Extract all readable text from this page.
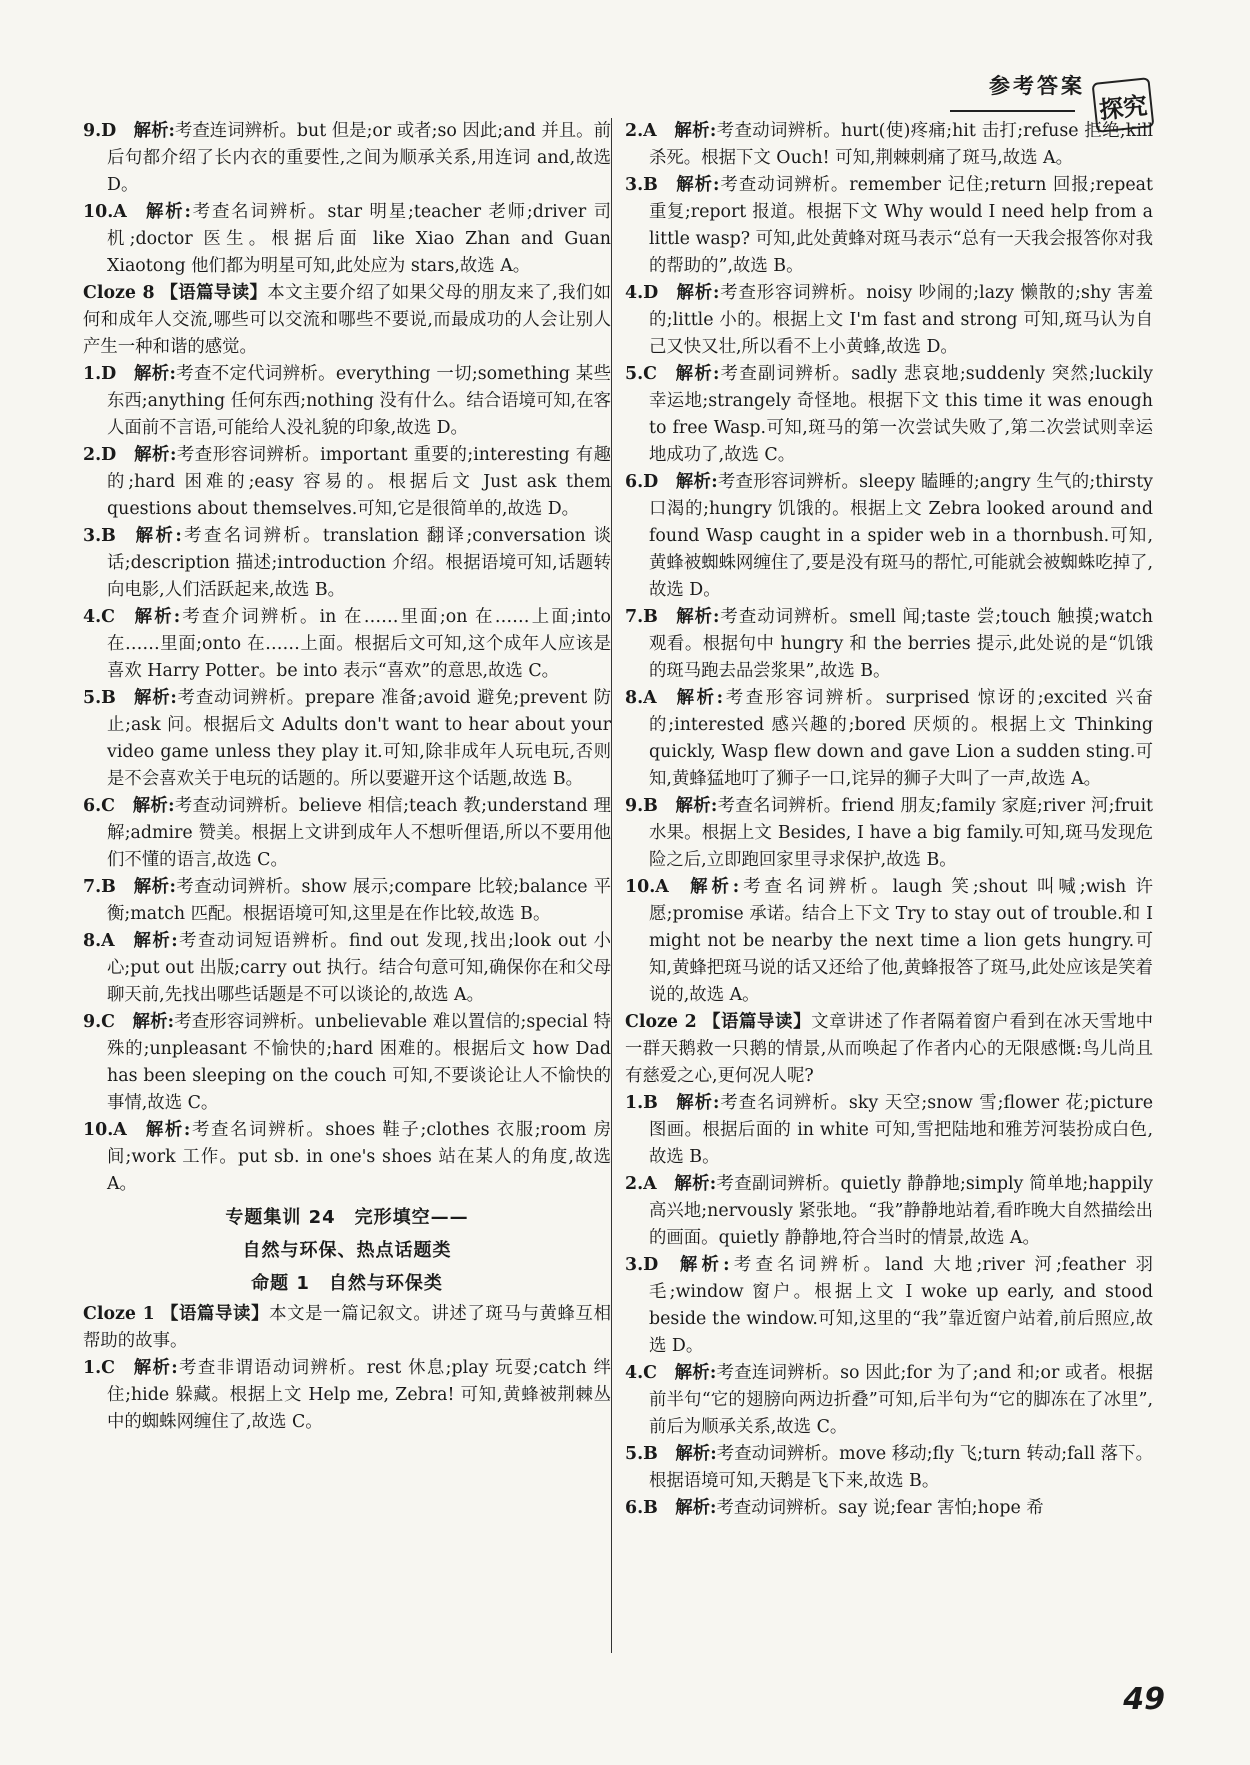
参考答案
探究

9.D  解析:考查连词辨析。but 但是;or 或者;so 因此;and 并且。前后句都介绍了长内衣的重要性,之间为顺承关系,用连词 and,故选 D。

10.A  解析:考查名词辨析。star 明星;teacher 老师;driver 司机;doctor 医生。根据后面 like Xiao Zhan and Guan Xiaotong 他们都为明星可知,此处应为 stars,故选 A。

Cloze 8 【语篇导读】本文主要介绍了如果父母的朋友来了,我们如何和成年人交流,哪些可以交流和哪些不要说,而最成功的人会让别人产生一种和谐的感觉。

1.D  解析:考查不定代词辨析。everything 一切;something 某些东西;anything 任何东西;nothing 没有什么。结合语境可知,在客人面前不言语,可能给人没礼貌的印象,故选 D。

2.D  解析:考查形容词辨析。important 重要的;interesting 有趣的;hard 困难的;easy 容易的。根据后文 Just ask them questions about themselves.可知,它是很简单的,故选 D。

3.B  解析:考查名词辨析。translation 翻译;conversation 谈话;description 描述;introduction 介绍。根据语境可知,话题转向电影,人们活跃起来,故选 B。

4.C  解析:考查介词辨析。in 在……里面;on 在……上面;into 在……里面;onto 在……上面。根据后文可知,这个成年人应该是喜欢 Harry Potter。be into 表示“喜欢”的意思,故选 C。

5.B  解析:考查动词辨析。prepare 准备;avoid 避免;prevent 防止;ask 问。根据后文 Adults don't want to hear about your video game unless they play it.可知,除非成年人玩电玩,否则是不会喜欢关于电玩的话题的。所以要避开这个话题,故选 B。

6.C  解析:考查动词辨析。believe 相信;teach 教;understand 理解;admire 赞美。根据上文讲到成年人不想听俚语,所以不要用他们不懂的语言,故选 C。

7.B  解析:考查动词辨析。show 展示;compare 比较;balance 平衡;match 匹配。根据语境可知,这里是在作比较,故选 B。

8.A  解析:考查动词短语辨析。find out 发现,找出;look out 小心;put out 出版;carry out 执行。结合句意可知,确保你在和父母聊天前,先找出哪些话题是不可以谈论的,故选 A。

9.C  解析:考查形容词辨析。unbelievable 难以置信的;special 特殊的;unpleasant 不愉快的;hard 困难的。根据后文 how Dad has been sleeping on the couch 可知,不要谈论让人不愉快的事情,故选 C。

10.A  解析:考查名词辨析。shoes 鞋子;clothes 衣服;room 房间;work 工作。put sb. in one's shoes 站在某人的角度,故选 A。

专题集训 24　完形填空——
自然与环保、热点话题类
命题 1　自然与环保类

Cloze 1 【语篇导读】本文是一篇记叙文。讲述了斑马与黄蜂互相帮助的故事。

1.C  解析:考查非谓语动词辨析。rest 休息;play 玩耍;catch 绊住;hide 躲藏。根据上文 Help me, Zebra! 可知,黄蜂被荆棘丛中的蜘蛛网缠住了,故选 C。

2.A  解析:考查动词辨析。hurt(使)疼痛;hit 击打;refuse 拒绝;kill 杀死。根据下文 Ouch! 可知,荆棘刺痛了斑马,故选 A。

3.B  解析:考查动词辨析。remember 记住;return 回报;repeat 重复;report 报道。根据下文 Why would I need help from a little wasp? 可知,此处黄蜂对斑马表示“总有一天我会报答你对我的帮助的”,故选 B。

4.D  解析:考查形容词辨析。noisy 吵闹的;lazy 懒散的;shy 害羞的;little 小的。根据上文 I'm fast and strong 可知,斑马认为自己又快又壮,所以看不上小黄蜂,故选 D。

5.C  解析:考查副词辨析。sadly 悲哀地;suddenly 突然;luckily 幸运地;strangely 奇怪地。根据下文 this time it was enough to free Wasp.可知,斑马的第一次尝试失败了,第二次尝试则幸运地成功了,故选 C。

6.D  解析:考查形容词辨析。sleepy 瞌睡的;angry 生气的;thirsty 口渴的;hungry 饥饿的。根据上文 Zebra looked around and found Wasp caught in a spider web in a thornbush.可知,黄蜂被蜘蛛网缠住了,要是没有斑马的帮忙,可能就会被蜘蛛吃掉了,故选 D。

7.B  解析:考查动词辨析。smell 闻;taste 尝;touch 触摸;watch 观看。根据句中 hungry 和 the berries 提示,此处说的是“饥饿的斑马跑去品尝浆果”,故选 B。

8.A  解析:考查形容词辨析。surprised 惊讶的;excited 兴奋的;interested 感兴趣的;bored 厌烦的。根据上文 Thinking quickly, Wasp flew down and gave Lion a sudden sting.可知,黄蜂猛地叮了狮子一口,诧异的狮子大叫了一声,故选 A。

9.B  解析:考查名词辨析。friend 朋友;family 家庭;river 河;fruit 水果。根据上文 Besides, I have a big family.可知,斑马发现危险之后,立即跑回家里寻求保护,故选 B。

10.A  解析:考查名词辨析。laugh 笑;shout 叫喊;wish 许愿;promise 承诺。结合上下文 Try to stay out of trouble.和 I might not be nearby the next time a lion gets hungry.可知,黄蜂把斑马说的话又还给了他,黄蜂报答了斑马,此处应该是笑着说的,故选 A。

Cloze 2 【语篇导读】文章讲述了作者隔着窗户看到在冰天雪地中一群天鹅救一只鹅的情景,从而唤起了作者内心的无限感慨:鸟儿尚且有慈爱之心,更何况人呢?

1.B  解析:考查名词辨析。sky 天空;snow 雪;flower 花;picture 图画。根据后面的 in white 可知,雪把陆地和雅芳河装扮成白色,故选 B。

2.A  解析:考查副词辨析。quietly 静静地;simply 简单地;happily 高兴地;nervously 紧张地。“我”静静地站着,看昨晚大自然描绘出的画面。quietly 静静地,符合当时的情景,故选 A。

3.D  解析:考查名词辨析。land 大地;river 河;feather 羽毛;window 窗户。根据上文 I woke up early, and stood beside the window.可知,这里的“我”靠近窗户站着,前后照应,故选 D。

4.C  解析:考查连词辨析。so 因此;for 为了;and 和;or 或者。根据前半句“它的翅膀向两边折叠”可知,后半句为“它的脚冻在了冰里”,前后为顺承关系,故选 C。

5.B  解析:考查动词辨析。move 移动;fly 飞;turn 转动;fall 落下。根据语境可知,天鹅是飞下来,故选 B。

6.B  解析:考查动词辨析。say 说;fear 害怕;hope 希

49
